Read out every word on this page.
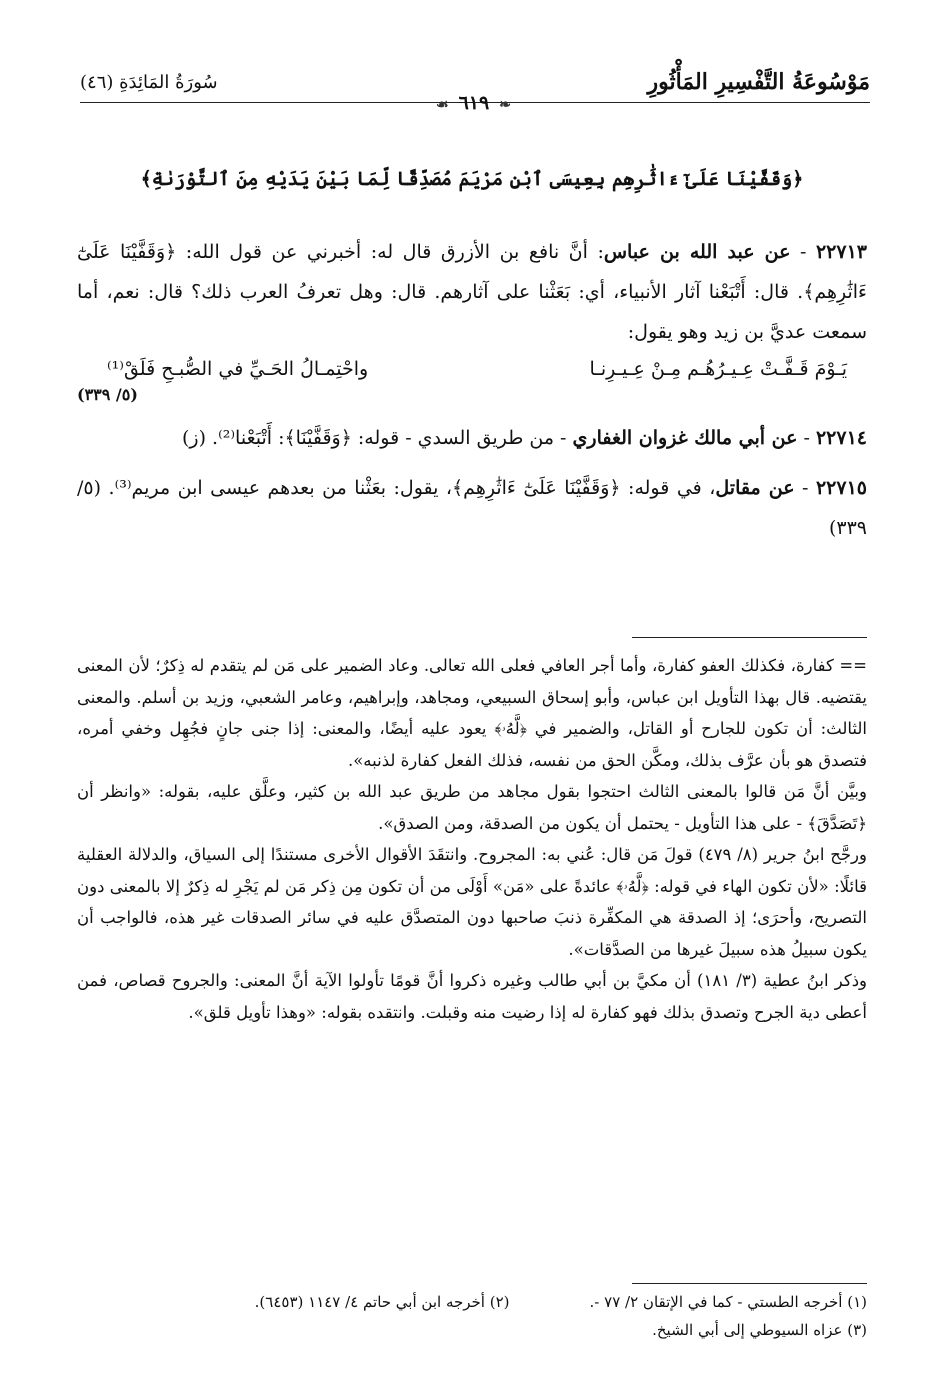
مَوْسُوعَةُ التَّفْسِيرِ المَأْثُورِ
سُورَةُ المَائِدَةِ (٤٦)
❧٦١٩☙
﴿وَقَفَّيْنَا عَلَىٰٓ ءَاثَٰرِهِم بِعِيسَى ٱبْنِ مَرْيَمَ مُصَدِّقًا لِّمَا بَيْنَ يَدَيْهِ مِنَ ٱلتَّوْرَىٰةِ﴾
٢٢٧١٣ - عن عبد الله بن عباس: أنَّ نافع بن الأزرق قال له: أخبرني عن قول الله: ﴿وَقَفَّيْنَا عَلَىٰٓ ءَاثَٰرِهِم﴾. قال: أَتْبَعْنا آثار الأنبياء، أي: بَعَثْنا على آثارهم. قال: وهل تعرفُ العرب ذلك؟ قال: نعم، أما سمعت عديَّ بن زيد وهو يقول:
يَـوْمَ قَـفَّـتْ عِـيـرُهُـم مِـنْ عِـيـرِنـا
واحْتِمـالُ الحَـيِّ في الصُّبـحِ فَلَقْ⁽¹⁾
(٥/ ٣٣٩)
٢٢٧١٤ - عن أبي مالك غزوان الغفاري - من طريق السدي - قوله: ﴿وَقَفَّيْنَا﴾: أَتْبَعْنا⁽²⁾. (ز)
٢٢٧١٥ - عن مقاتل، في قوله: ﴿وَقَفَّيْنَا عَلَىٰٓ ءَاثَٰرِهِم﴾، يقول: بعَثْنا من بعدهم عيسى ابن مريم⁽³⁾. (٥/ ٣٣٩)

== كفارة، فكذلك العفو كفارة، وأما أجر العافي فعلى الله تعالى. وعاد الضمير على مَن لم يتقدم له ذِكرٌ؛ لأن المعنى يقتضيه. قال بهذا التأويل ابن عباس، وأبو إسحاق السبيعي، ومجاهد، وإبراهيم، وعامر الشعبي، وزيد بن أسلم. والمعنى الثالث: أن تكون للجارح أو القاتل، والضمير في ﴿لَّهُۥ﴾ يعود عليه أيضًا، والمعنى: إذا جنى جانٍ فجُهِل وخفي أمره، فتصدق هو بأن عرَّف بذلك، ومكَّن الحق من نفسه، فذلك الفعل كفارة لذنبه».

وبيَّن أنَّ مَن قالوا بالمعنى الثالث احتجوا بقول مجاهد من طريق عبد الله بن كثير، وعلَّق عليه، بقوله: «وانظر أن ﴿تَصَدَّقَ﴾ - على هذا التأويل - يحتمل أن يكون من الصدقة، ومن الصدق».

ورجَّح ابنُ جرير (٨/ ٤٧٩) قولَ مَن قال: عُني به: المجروح. وانتقَدَ الأقوال الأخرى مستندًا إلى السياق، والدلالة العقلية قائلًا: «لأن تكون الهاء في قوله: ﴿لَّهُۥ﴾ عائدةً على «مَن» أَوْلَى من أن تكون مِن ذِكر مَن لم يَجْرِ له ذِكرٌ إلا بالمعنى دون التصريح، وأحرَى؛ إذ الصدقة هي المكفِّرة ذنبَ صاحبها دون المتصدَّق عليه في سائر الصدقات غير هذه، فالواجب أن يكون سبيلُ هذه سبيلَ غيرها من الصدَّقات».

وذكر ابنُ عطية (٣/ ١٨١) أن مكيَّ بن أبي طالب وغيره ذكروا أنَّ قومًا تأولوا الآية أنَّ المعنى: والجروح قصاص، فمن أعطى دية الجرح وتصدق بذلك فهو كفارة له إذا رضيت منه وقبلت. وانتقده بقوله: «وهذا تأويل قلق».

(١) أخرجه الطستي - كما في الإتقان ٢/ ٧٧ -.
(٢) أخرجه ابن أبي حاتم ٤/ ١١٤٧ (٦٤٥٣).
(٣) عزاه السيوطي إلى أبي الشيخ.
